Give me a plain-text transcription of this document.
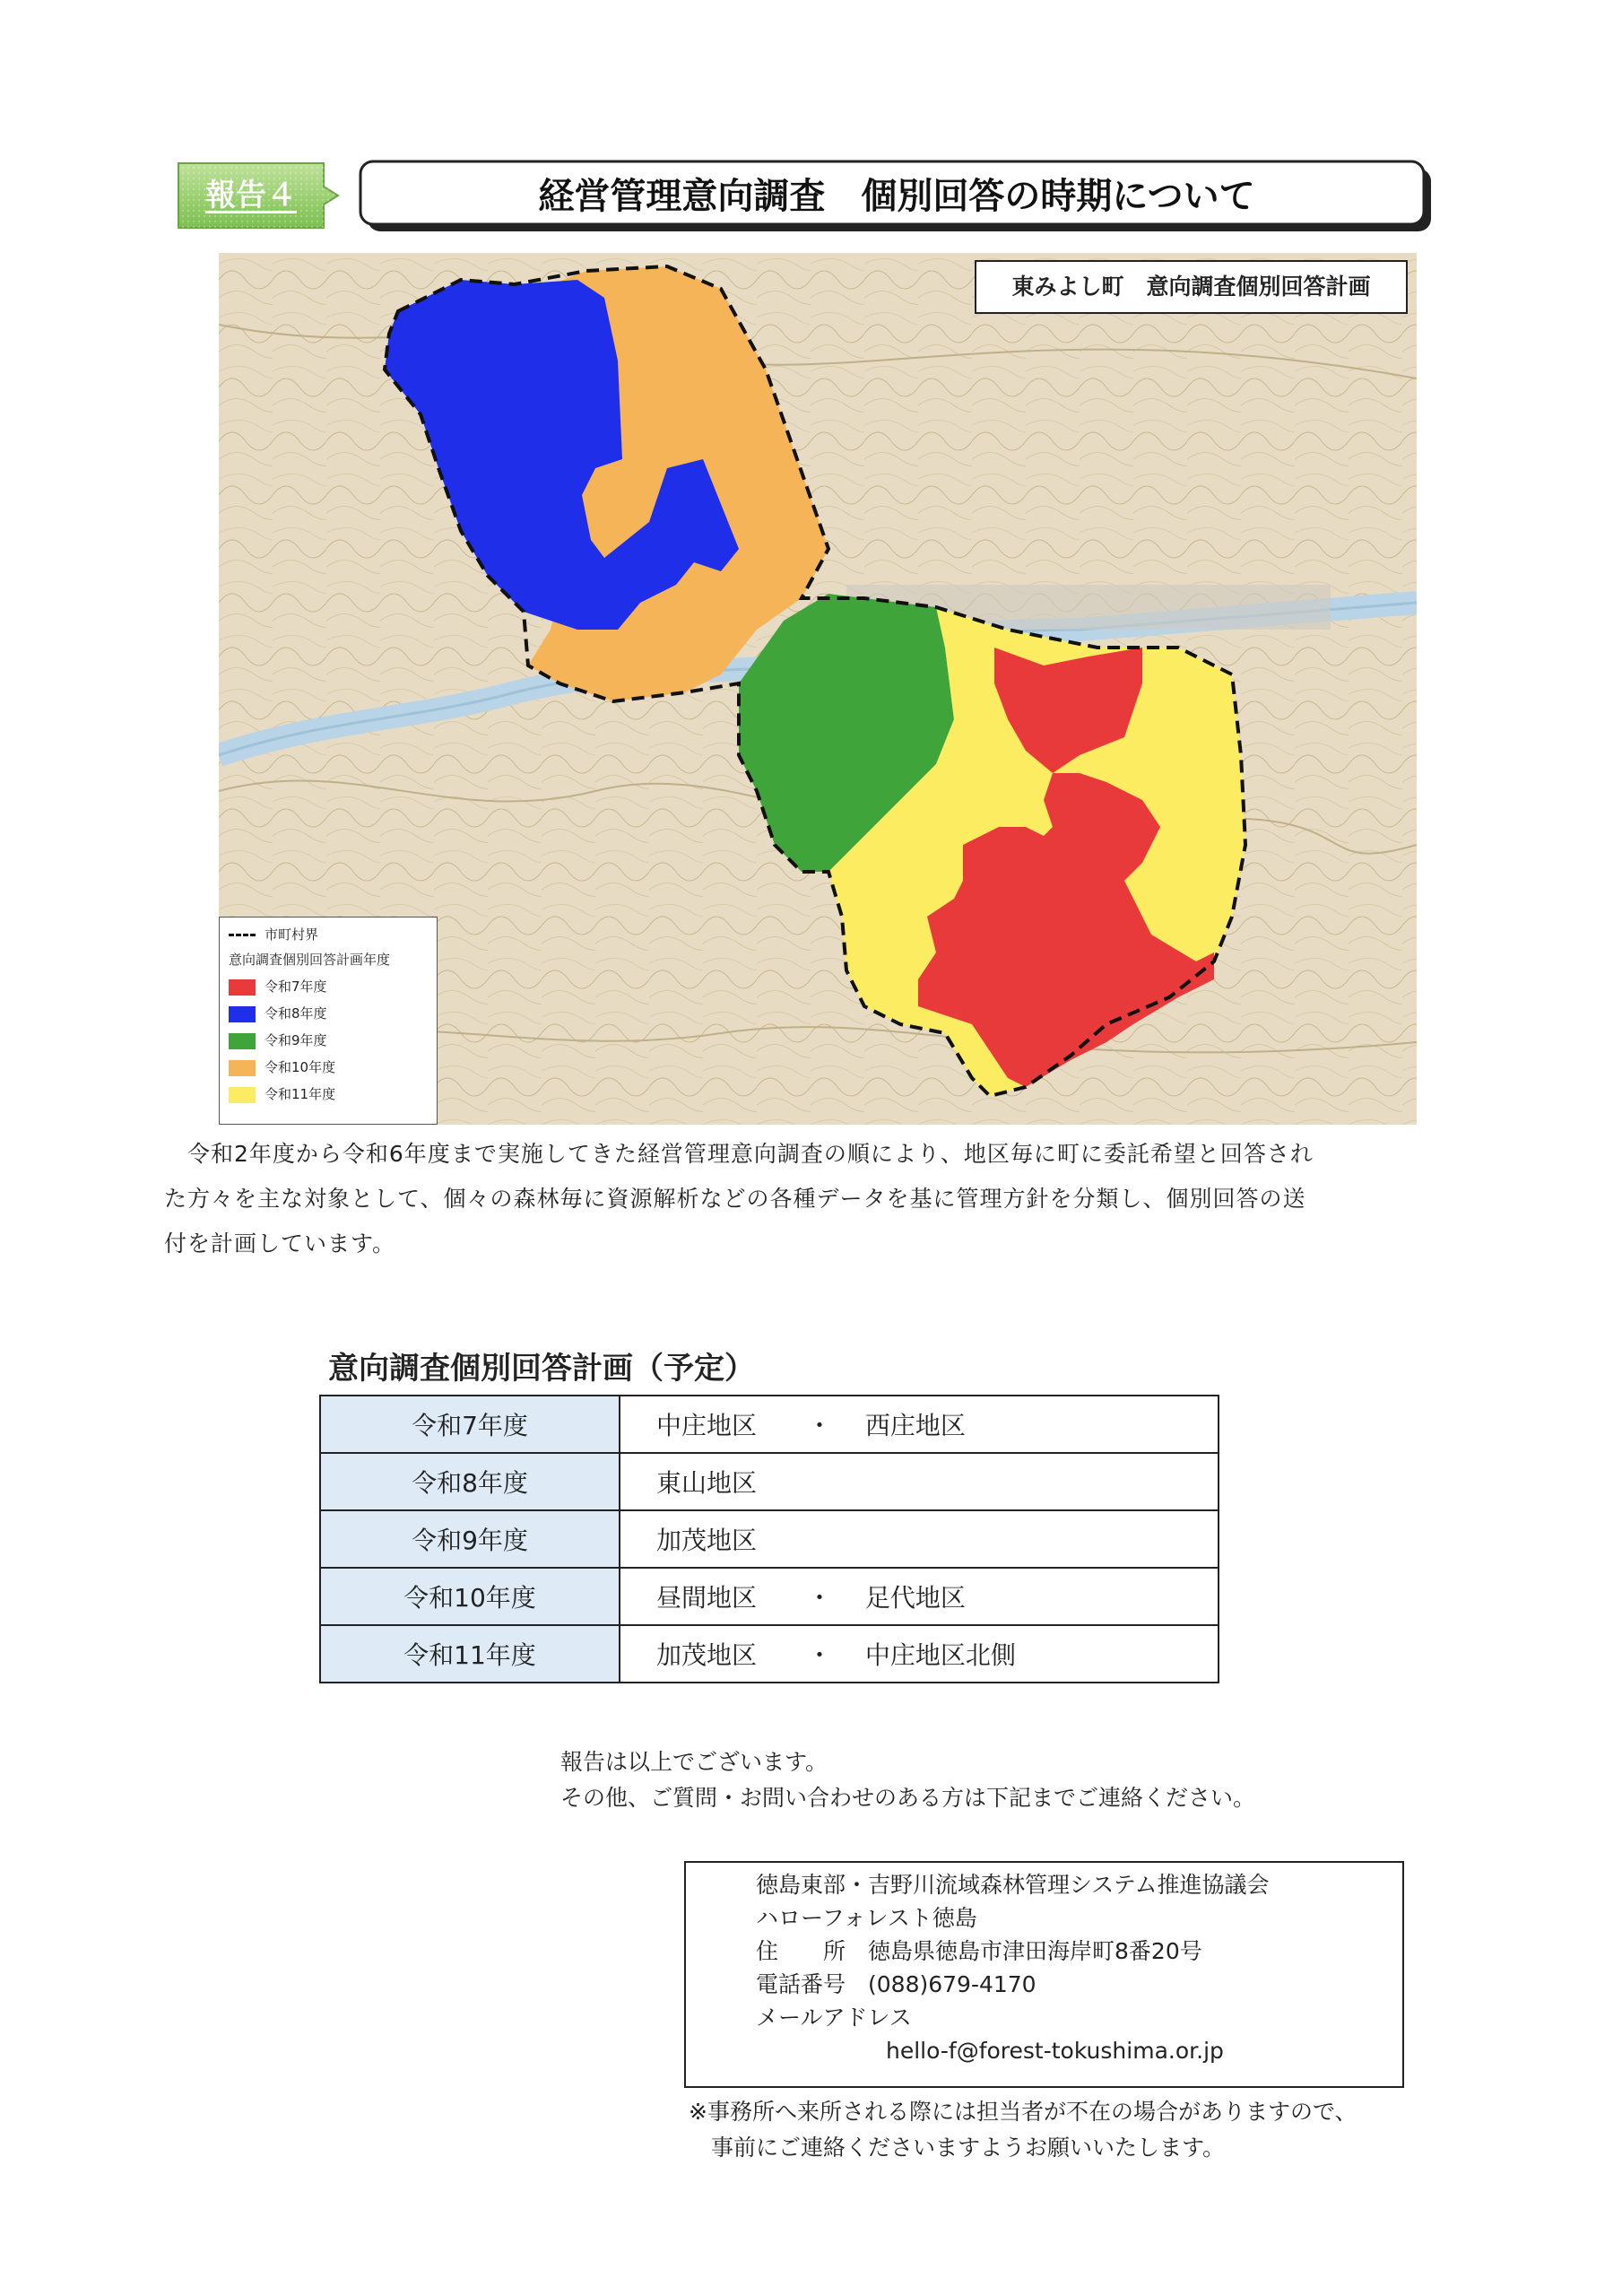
報告４	経営管理意向調査　個別回答の時期について
東みよし町　意向調査個別回答計画
市町村界
意向調査個別回答計画年度
令和7年度
令和8年度
令和9年度
令和10年度
令和11年度
　令和2年度から令和6年度まで実施してきた経営管理意向調査の順により、地区毎に町に委託希望と回答され
た方々を主な対象として、個々の森林毎に資源解析などの各種データを基に管理方針を分類し、個別回答の送
付を計画しています。
意向調査個別回答計画（予定）
令和7年度	中庄地区　　・　 西庄地区
令和8年度	東山地区
令和9年度	加茂地区
令和10年度	昼間地区　　・　 足代地区
令和11年度	加茂地区　　・　 中庄地区北側
報告は以上でございます。
その他、ご質問・お問い合わせのある方は下記までご連絡ください。
徳島東部・吉野川流域森林管理システム推進協議会
ハローフォレスト徳島
住　　所　徳島県徳島市津田海岸町8番20号
電話番号　(088)679-4170
メールアドレス
hello-f@forest-tokushima.or.jp
※事務所へ来所される際には担当者が不在の場合がありますので、
　事前にご連絡くださいますようお願いいたします。
